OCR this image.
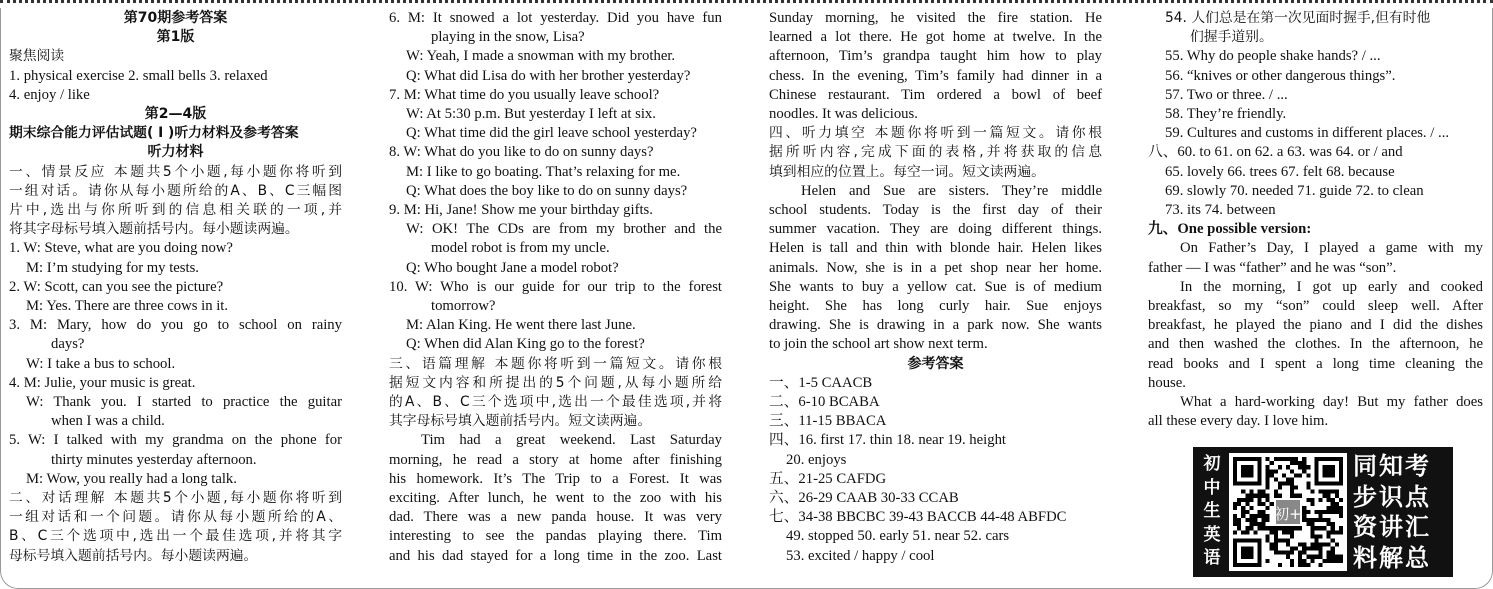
第70期参考答案
第1版
聚焦阅读
1. physical exercise 2. small bells 3. relaxed
4. enjoy / like
第2—4版
期末综合能力评估试题( Ⅰ )听力材料及参考答案
听力材料
一、情景反应 本题共5个小题,每小题你将听到
一组对话。请你从每小题所给的A、B、C三幅图
片中,选出与你所听到的信息相关联的一项,并
将其字母标号填入题前括号内。每小题读两遍。
1. W: Steve, what are you doing now?
M: I’m studying for my tests.
2. W: Scott, can you see the picture?
M: Yes. There are three cows in it.
3. M: Mary, how do you go to school on rainy
days?
W: I take a bus to school.
4. M: Julie, your music is great.
W: Thank you. I started to practice the guitar
when I was a child.
5. W: I talked with my grandma on the phone for
thirty minutes yesterday afternoon.
M: Wow, you really had a long talk.
二、对话理解 本题共5个小题,每小题你将听到
一组对话和一个问题。请你从每小题所给的A、
B、C三个选项中,选出一个最佳选项,并将其字
母标号填入题前括号内。每小题读两遍。
6. M: It snowed a lot yesterday. Did you have fun
playing in the snow, Lisa?
W: Yeah, I made a snowman with my brother.
Q: What did Lisa do with her brother yesterday?
7. M: What time do you usually leave school?
W: At 5:30 p.m. But yesterday I left at six.
Q: What time did the girl leave school yesterday?
8. W: What do you like to do on sunny days?
M: I like to go boating. That’s relaxing for me.
Q: What does the boy like to do on sunny days?
9. M: Hi, Jane! Show me your birthday gifts.
W: OK! The CDs are from my brother and the
model robot is from my uncle.
Q: Who bought Jane a model robot?
10. W: Who is our guide for our trip to the forest
tomorrow?
M: Alan King. He went there last June.
Q: When did Alan King go to the forest?
三、语篇理解 本题你将听到一篇短文。请你根
据短文内容和所提出的5个问题,从每小题所给
的A、B、C三个选项中,选出一个最佳选项,并将
其字母标号填入题前括号内。短文读两遍。
Tim had a great weekend. Last Saturday
morning, he read a story at home after finishing
his homework. It’s The Trip to a Forest. It was
exciting. After lunch, he went to the zoo with his
dad. There was a new panda house. It was very
interesting to see the pandas playing there. Tim
and his dad stayed for a long time in the zoo. Last
Sunday morning, he visited the fire station. He
learned a lot there. He got home at twelve. In the
afternoon, Tim’s grandpa taught him how to play
chess. In the evening, Tim’s family had dinner in a
Chinese restaurant. Tim ordered a bowl of beef
noodles. It was delicious.
四、听力填空 本题你将听到一篇短文。请你根
据所听内容,完成下面的表格,并将获取的信息
填到相应的位置上。每空一词。短文读两遍。
Helen and Sue are sisters. They’re middle
school students. Today is the first day of their
summer vacation. They are doing different things.
Helen is tall and thin with blonde hair. Helen likes
animals. Now, she is in a pet shop near her home.
She wants to buy a yellow cat. Sue is of medium
height. She has long curly hair. Sue enjoys
drawing. She is drawing in a park now. She wants
to join the school art show next term.
参考答案
一、1-5 CAACB
二、6-10 BCABA
三、11-15 BBACA
四、16. first 17. thin 18. near 19. height
20. enjoys
五、21-25 CAFDG
六、26-29 CAAB 30-33 CCAB
七、34-38 BBCBC 39-43 BACCB 44-48 ABFDC
49. stopped 50. early 51. near 52. cars
53. excited / happy / cool
54. 人们总是在第一次见面时握手,但有时他
们握手道别。
55. Why do people shake hands? / ...
56. “knives or other dangerous things”.
57. Two or three. / ...
58. They’re friendly.
59. Cultures and customs in different places. / ...
八、60. to 61. on 62. a 63. was 64. or / and
65. lovely 66. trees 67. felt 68. because
69. slowly 70. needed 71. guide 72. to clean
73. its 74. between
九、One possible version:
On Father’s Day, I played a game with my
father — I was “father” and he was “son”.
In the morning, I got up early and cooked
breakfast, so my “son” could sleep well. After
breakfast, he played the piano and I did the dishes
and then washed the clothes. In the afternoon, he
read books and I spent a long time cleaning the
house.
What a hard-working day! But my father does
all these every day. I love him.
初
中
生
英
语
初+
同知考
步识点
资讲汇
料解总
